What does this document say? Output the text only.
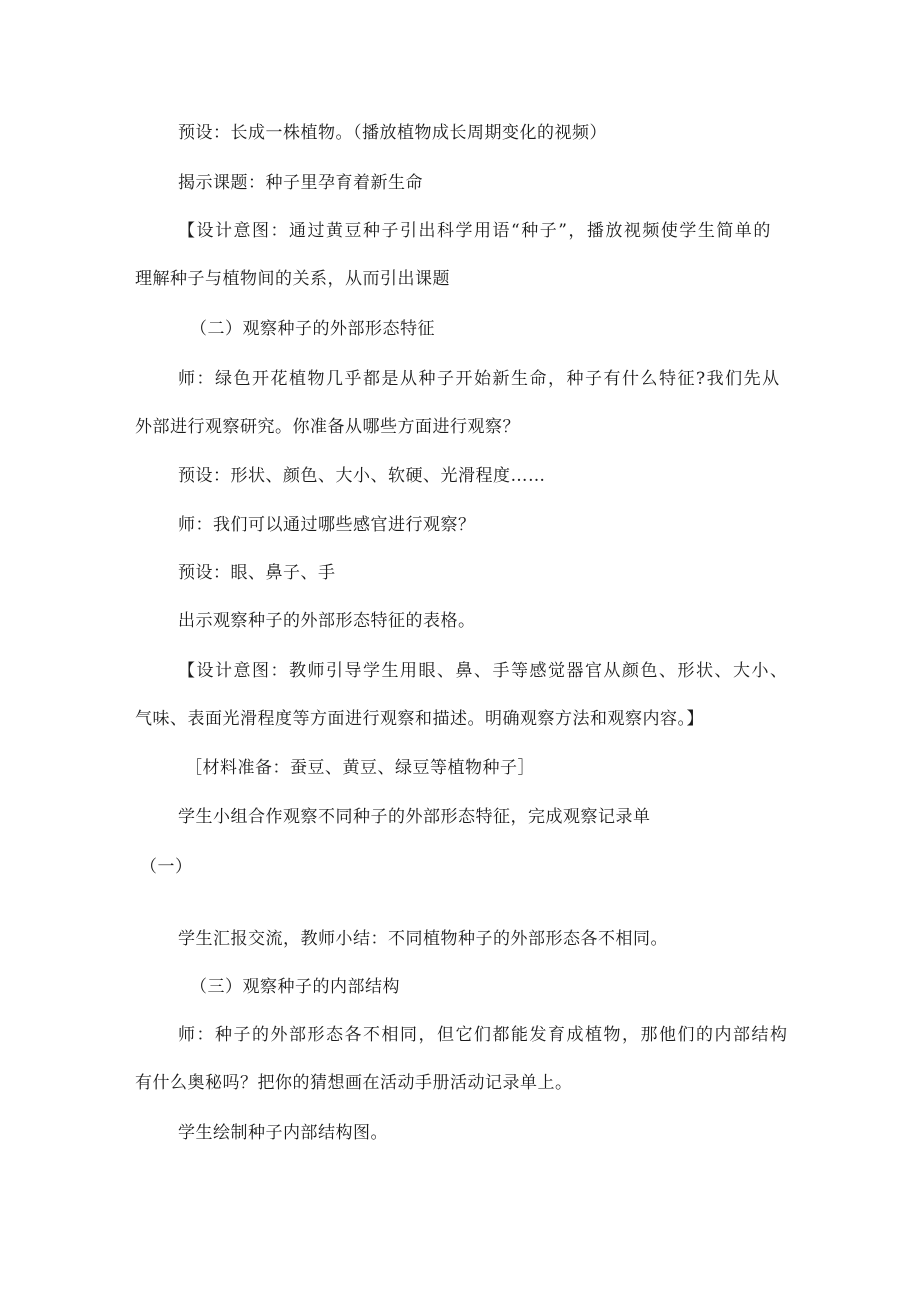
预设：长成一株植物。（播放植物成长周期变化的视频）
揭示课题：种子里孕育着新生命
【设计意图：通过黄豆种子引出科学用语“种子”，播放视频使学生简单的
理解种子与植物间的关系，从而引出课题
（二）观察种子的外部形态特征
师：绿色开花植物几乎都是从种子开始新生命，种子有什么特征?我们先从
外部进行观察研究。你准备从哪些方面进行观察？
预设：形状、颜色、大小、软硬、光滑程度……
师：我们可以通过哪些感官进行观察？
预设：眼、鼻子、手
出示观察种子的外部形态特征的表格。
【设计意图：教师引导学生用眼、鼻、手等感觉器官从颜色、形状、大小、
气味、表面光滑程度等方面进行观察和描述。明确观察方法和观察内容。】
［材料准备：蚕豆、黄豆、绿豆等植物种子］
学生小组合作观察不同种子的外部形态特征，完成观察记录单
（一）
学生汇报交流，教师小结：不同植物种子的外部形态各不相同。
（三）观察种子的内部结构
师：种子的外部形态各不相同，但它们都能发育成植物，那他们的内部结构
有什么奥秘吗？把你的猜想画在活动手册活动记录单上。
学生绘制种子内部结构图。
